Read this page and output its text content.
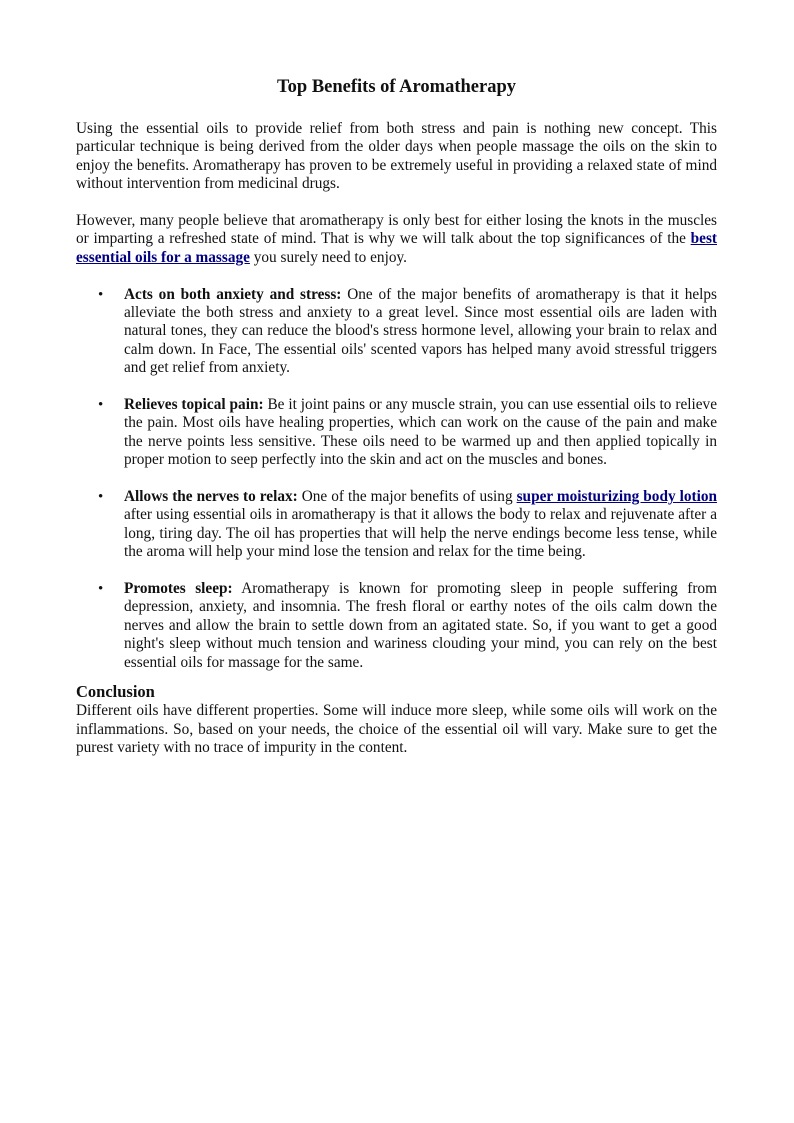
Top Benefits of Aromatherapy

Using the essential oils to provide relief from both stress and pain is nothing new concept. This particular technique is being derived from the older days when people massage the oils on the skin to enjoy the benefits. Aromatherapy has proven to be extremely useful in providing a relaxed state of mind without intervention from medicinal drugs.

However, many people believe that aromatherapy is only best for either losing the knots in the muscles or imparting a refreshed state of mind. That is why we will talk about the top significances of the best essential oils for a massage you surely need to enjoy.

• Acts on both anxiety and stress: One of the major benefits of aromatherapy is that it helps alleviate the both stress and anxiety to a great level. Since most essential oils are laden with natural tones, they can reduce the blood's stress hormone level, allowing your brain to relax and calm down. In Face, The essential oils' scented vapors has helped many avoid stressful triggers and get relief from anxiety.
• Relieves topical pain: Be it joint pains or any muscle strain, you can use essential oils to relieve the pain. Most oils have healing properties, which can work on the cause of the pain and make the nerve points less sensitive. These oils need to be warmed up and then applied topically in proper motion to seep perfectly into the skin and act on the muscles and bones.
• Allows the nerves to relax: One of the major benefits of using super moisturizing body lotion after using essential oils in aromatherapy is that it allows the body to relax and rejuvenate after a long, tiring day. The oil has properties that will help the nerve endings become less tense, while the aroma will help your mind lose the tension and relax for the time being.
• Promotes sleep: Aromatherapy is known for promoting sleep in people suffering from depression, anxiety, and insomnia. The fresh floral or earthy notes of the oils calm down the nerves and allow the brain to settle down from an agitated state. So, if you want to get a good night's sleep without much tension and wariness clouding your mind, you can rely on the best essential oils for massage for the same.
Conclusion

Different oils have different properties. Some will induce more sleep, while some oils will work on the inflammations. So, based on your needs, the choice of the essential oil will vary. Make sure to get the purest variety with no trace of impurity in the content.
